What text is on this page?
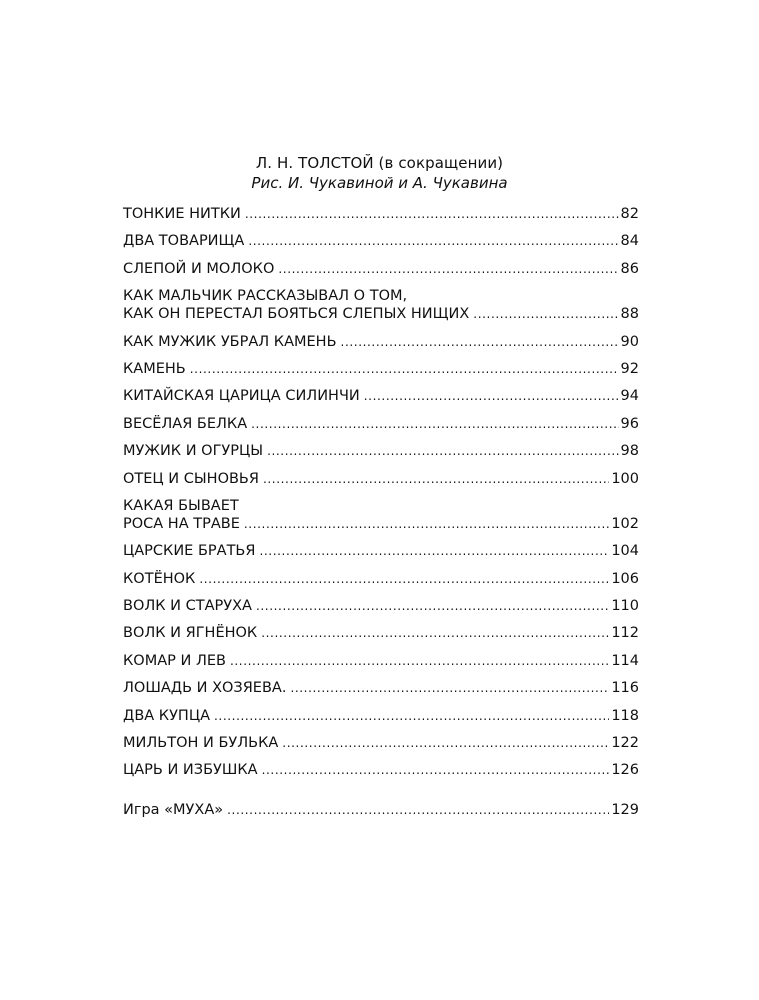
Л. Н. ТОЛСТОЙ (в сокращении)
Рис. И. Чукавиной и А. Чукавина
ТОНКИЕ НИТКИ .....	82
ДВА ТОВАРИЩА .....	84
СЛЕПОЙ И МОЛОКО .....	86
КАК МАЛЬЧИК РАССКАЗЫВАЛ О ТОМ,
КАК ОН ПЕРЕСТАЛ БОЯТЬСЯ СЛЕПЫХ НИЩИХ .....	88
КАК МУЖИК УБРАЛ КАМЕНЬ .....	90
КАМЕНЬ .....	92
КИТАЙСКАЯ ЦАРИЦА СИЛИНЧИ .....	94
ВЕСЁЛАЯ БЕЛКА .....	96
МУЖИК И ОГУРЦЫ .....	98
ОТЕЦ И СЫНОВЬЯ .....	100
КАКАЯ БЫВАЕТ
РОСА НА ТРАВЕ .....	102
ЦАРСКИЕ БРАТЬЯ .....	104
КОТЁНОК .....	106
ВОЛК И СТАРУХА .....	110
ВОЛК И ЯГНЁНОК .....	112
КОМАР И ЛЕВ .....	114
ЛОШАДЬ И ХОЗЯЕВА. .....	116
ДВА КУПЦА .....	118
МИЛЬТОН И БУЛЬКА .....	122
ЦАРЬ И ИЗБУШКА .....	126
Игра «МУХА» .....	129
